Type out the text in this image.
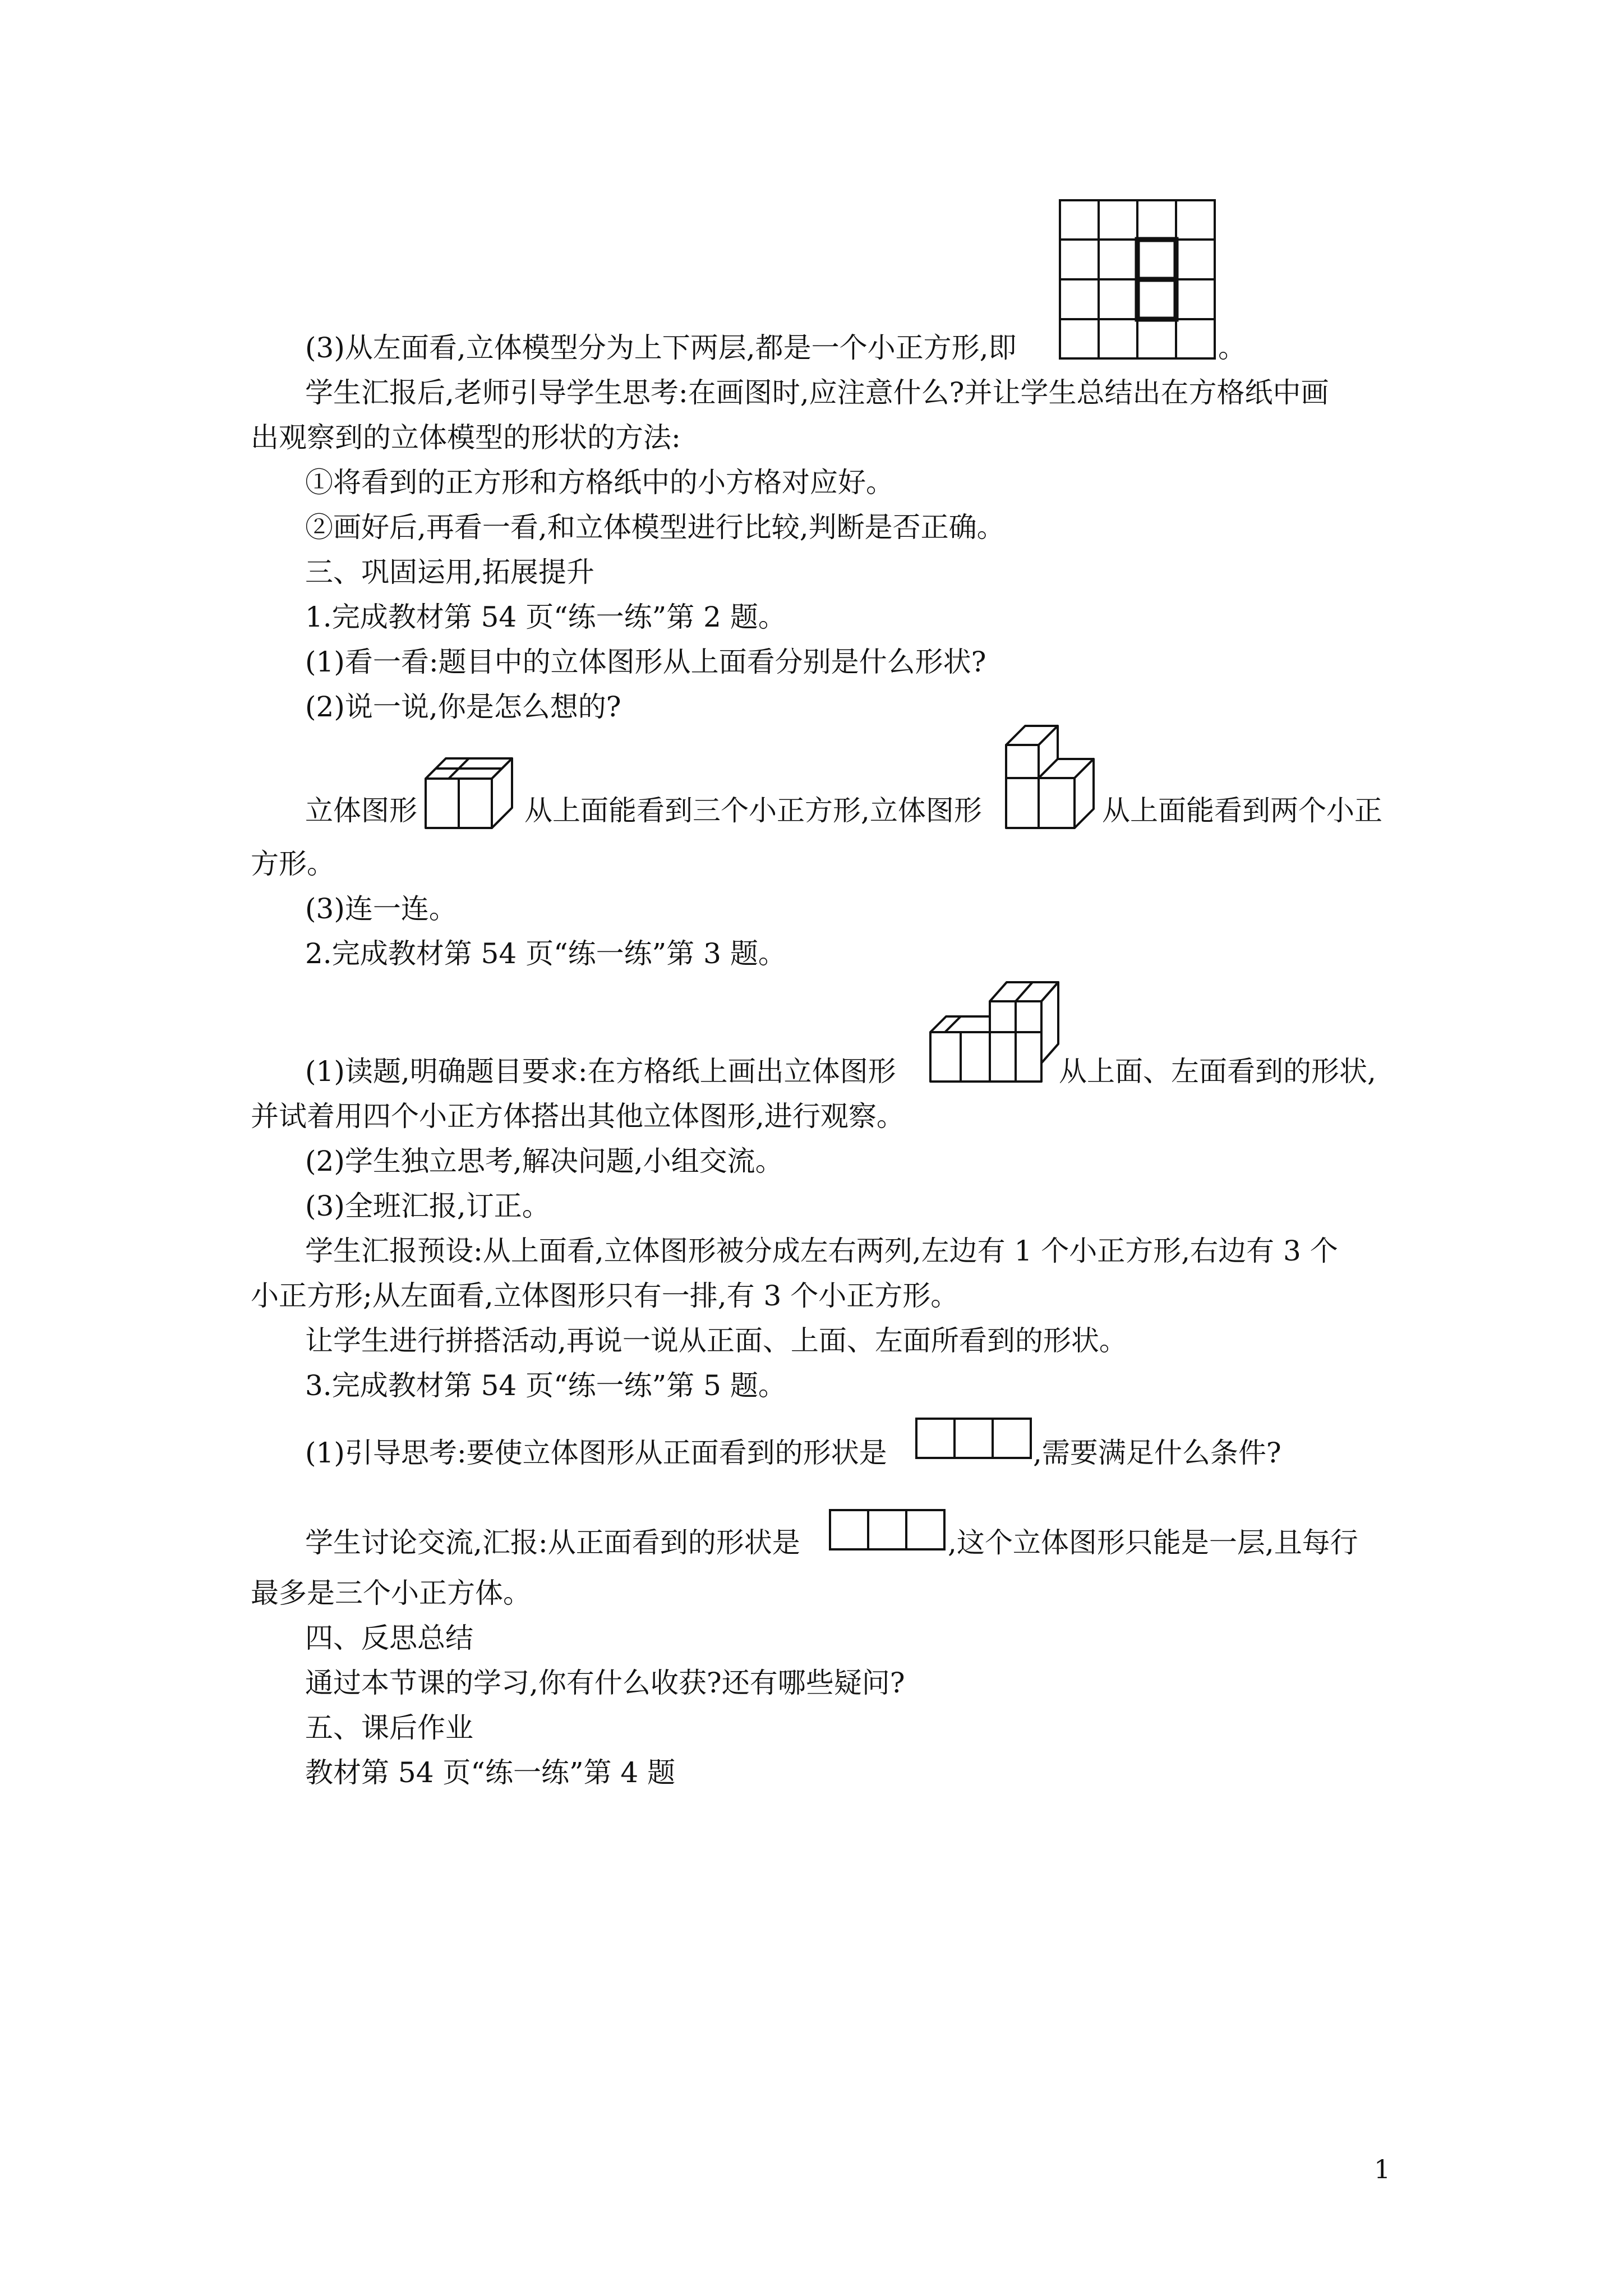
(3)从左面看,立体模型分为上下两层,都是一个小正方形,即	。
学生汇报后,老师引导学生思考:在画图时,应注意什么?并让学生总结出在方格纸中画
出观察到的立体模型的形状的方法:
①将看到的正方形和方格纸中的小方格对应好。
②画好后,再看一看,和立体模型进行比较,判断是否正确。
三、巩固运用,拓展提升
1.完成教材第 54 页“练一练”第 2 题。
(1)看一看:题目中的立体图形从上面看分别是什么形状?
(2)说一说,你是怎么想的?
立体图形	从上面能看到三个小正方形,立体图形	从上面能看到两个小正
方形。
(3)连一连。
2.完成教材第 54 页“练一练”第 3 题。
(1)读题,明确题目要求:在方格纸上画出立体图形	从上面、左面看到的形状,
并试着用四个小正方体搭出其他立体图形,进行观察。
(2)学生独立思考,解决问题,小组交流。
(3)全班汇报,订正。
学生汇报预设:从上面看,立体图形被分成左右两列,左边有 1 个小正方形,右边有 3 个
小正方形;从左面看,立体图形只有一排,有 3 个小正方形。
让学生进行拼搭活动,再说一说从正面、上面、左面所看到的形状。
3.完成教材第 54 页“练一练”第 5 题。
(1)引导思考:要使立体图形从正面看到的形状是	,需要满足什么条件?
学生讨论交流,汇报:从正面看到的形状是	,这个立体图形只能是一层,且每行
最多是三个小正方体。
四、反思总结
通过本节课的学习,你有什么收获?还有哪些疑问?
五、课后作业
教材第 54 页“练一练”第 4 题
1
